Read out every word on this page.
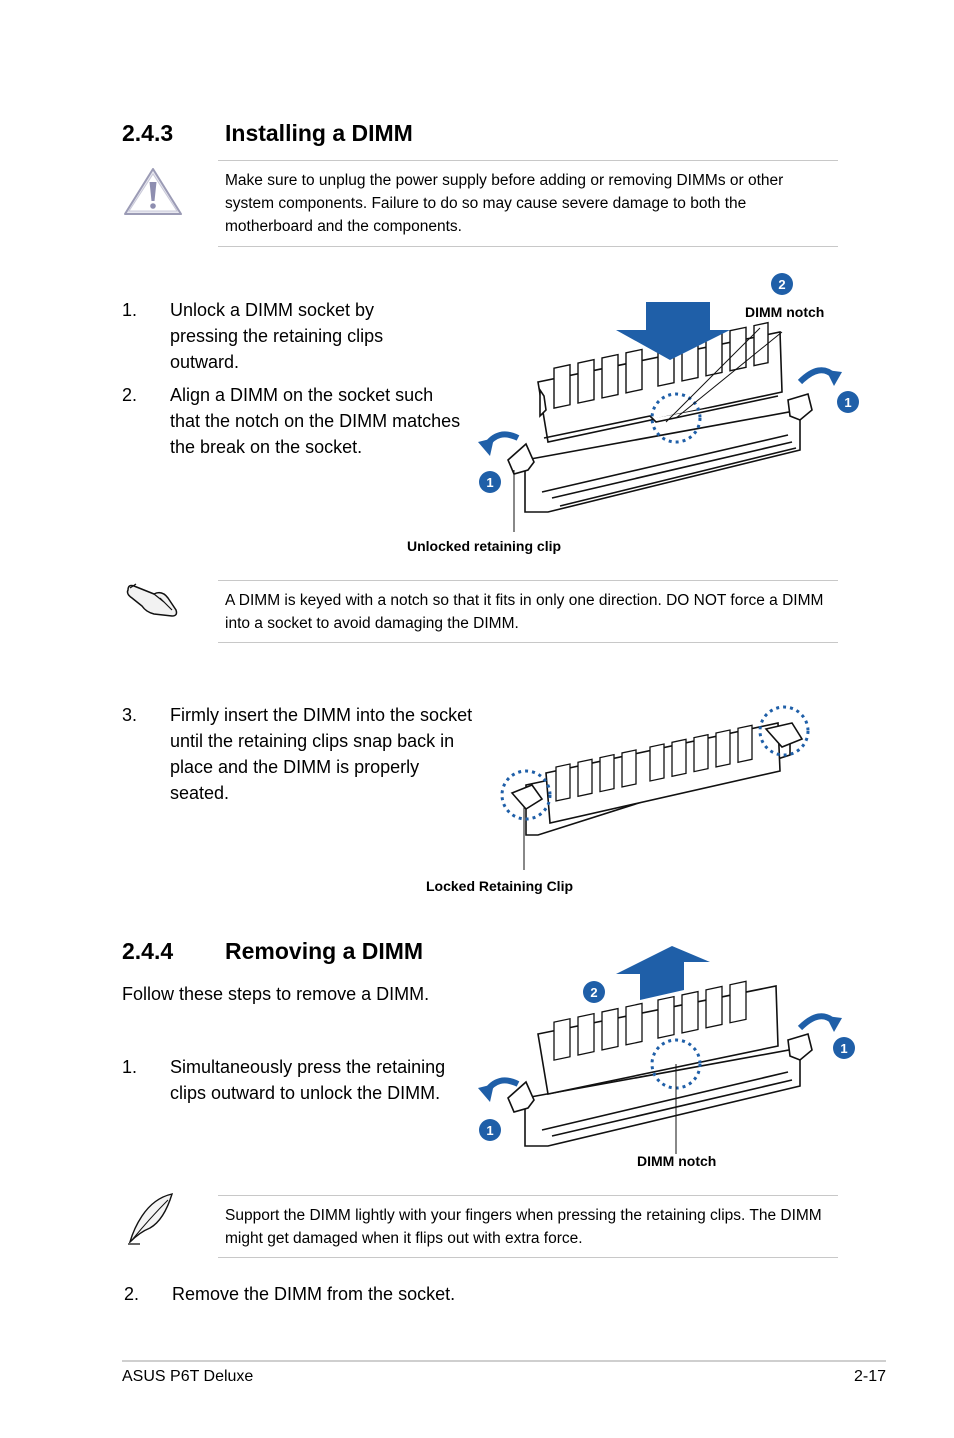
2.4.3 Installing a DIMM
Make sure to unplug the power supply before adding or removing DIMMs or other system components. Failure to do so may cause severe damage to both the motherboard and the components.
1. Unlock a DIMM socket by pressing the retaining clips outward.
2. Align a DIMM on the socket such that the notch on the DIMM matches the break on the socket.
2
1
1
DIMM notch
Unlocked retaining clip
A DIMM is keyed with a notch so that it fits in only one direction. DO NOT force a DIMM into a socket to avoid damaging the DIMM.
3. Firmly insert the DIMM into the socket until the retaining clips snap back in place and the DIMM is properly seated.
Locked Retaining Clip
2.4.4 Removing a DIMM
Follow these steps to remove a DIMM.
1. Simultaneously press the retaining clips outward to unlock the DIMM.
2
1
1
DIMM notch
Support the DIMM lightly with your fingers when pressing the retaining clips. The DIMM might get damaged when it flips out with extra force.
2. Remove the DIMM from the socket.
ASUS P6T Deluxe	2-17
